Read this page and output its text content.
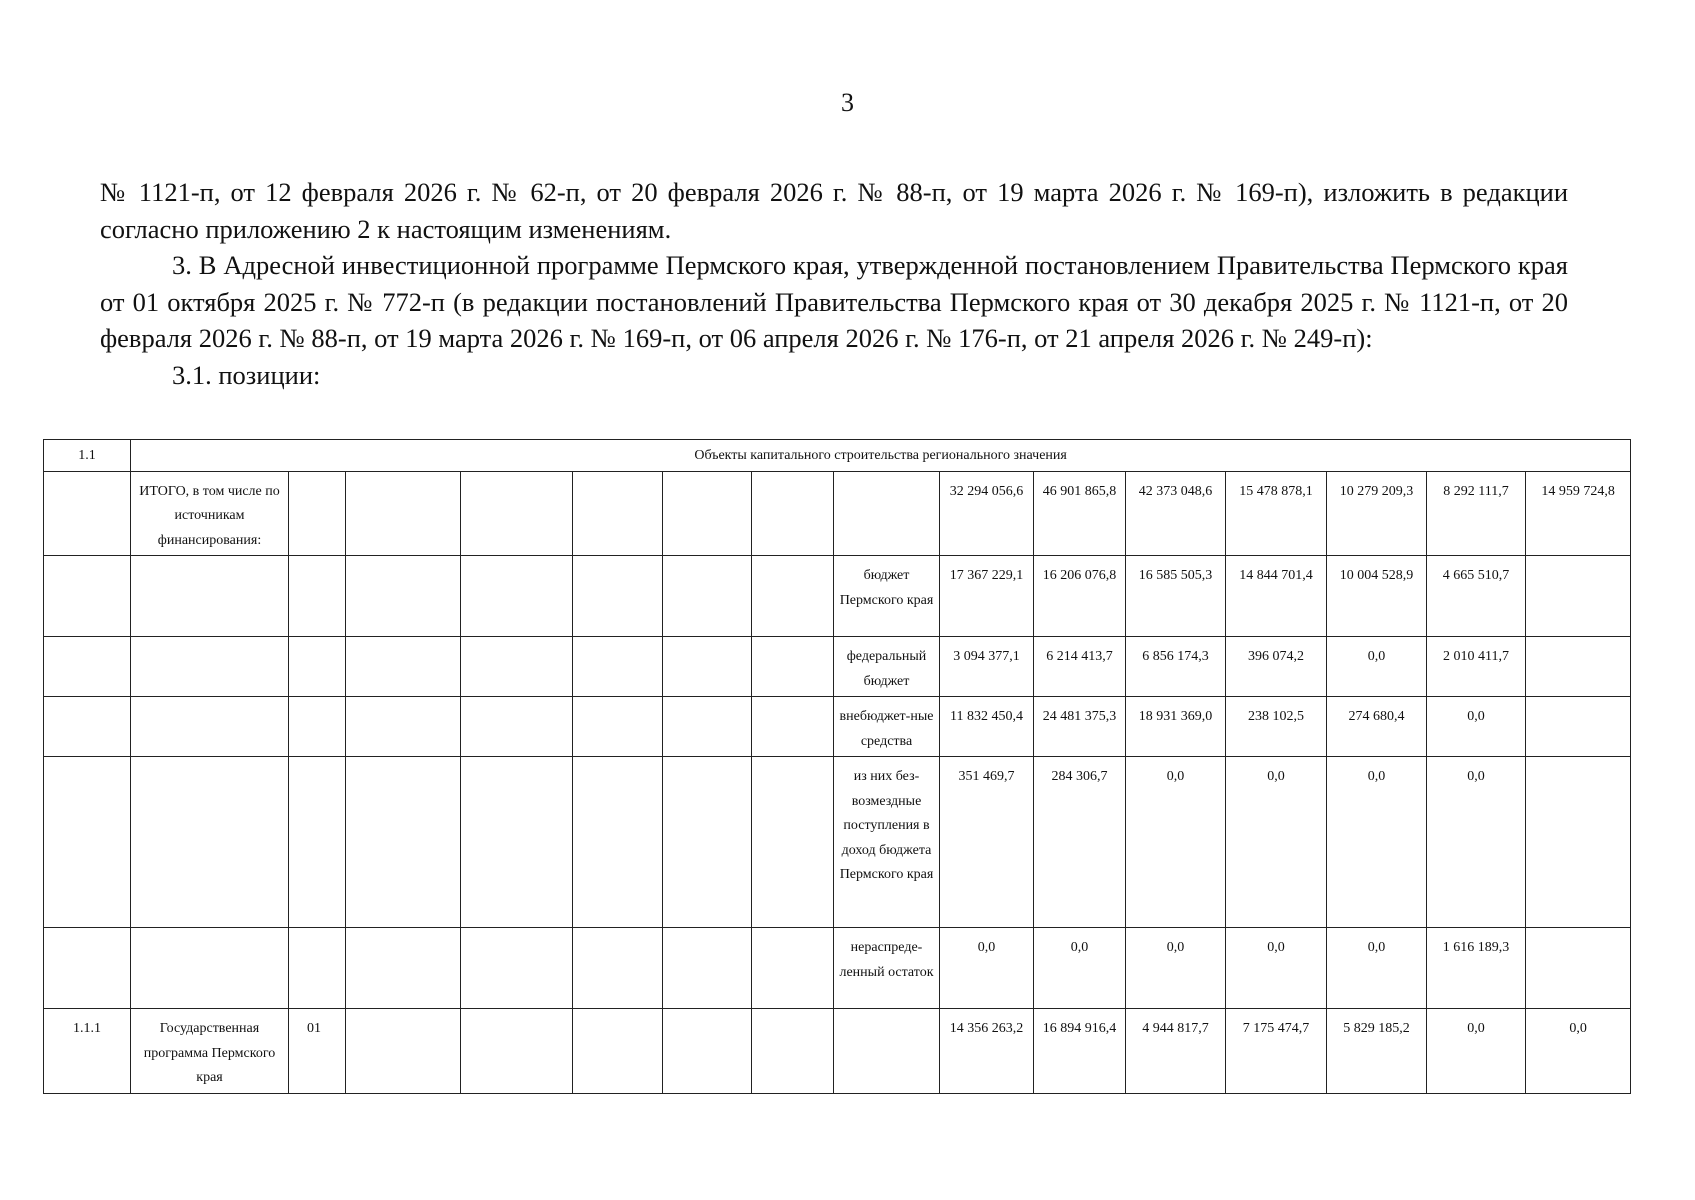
3

№ 1121-п, от 12 февраля 2026 г. № 62-п, от 20 февраля 2026 г. № 88-п, от 19 марта 2026 г. № 169-п), изложить в редакции согласно приложению 2 к настоящим изменениям.

3. В Адресной инвестиционной программе Пермского края, утвержденной постановлением Правительства Пермского края от 01 октября 2025 г. № 772-п (в редакции постановлений Правительства Пермского края от 30 декабря 2025 г. № 1121-п, от 20 февраля 2026 г. № 88-п, от 19 марта 2026 г. № 169-п, от 06 апреля 2026 г. № 176-п, от 21 апреля 2026 г. № 249-п):

3.1. позиции:

1.1	Объекты капитального строительства регионального значения														
	ИТОГО, в том числе по источникам финансирования:								32 294 056,6	46 901 865,8	42 373 048,6	15 478 878,1	10 279 209,3	8 292 111,7	14 959 724,8
								бюджет Пермского края	17 367 229,1	16 206 076,8	16 585 505,3	14 844 701,4	10 004 528,9	4 665 510,7	
								федеральный бюджет	3 094 377,1	6 214 413,7	6 856 174,3	396 074,2	0,0	2 010 411,7	
								внебюджет-ные средства	11 832 450,4	24 481 375,3	18 931 369,0	238 102,5	274 680,4	0,0	
								из них без-возмездные поступления в доход бюджета Пермского края	351 469,7	284 306,7	0,0	0,0	0,0	0,0	
								нераспреде-ленный остаток	0,0	0,0	0,0	0,0	0,0	1 616 189,3	
1.1.1	Государственная программа Пермского края	01							14 356 263,2	16 894 916,4	4 944 817,7	7 175 474,7	5 829 185,2	0,0	0,0
